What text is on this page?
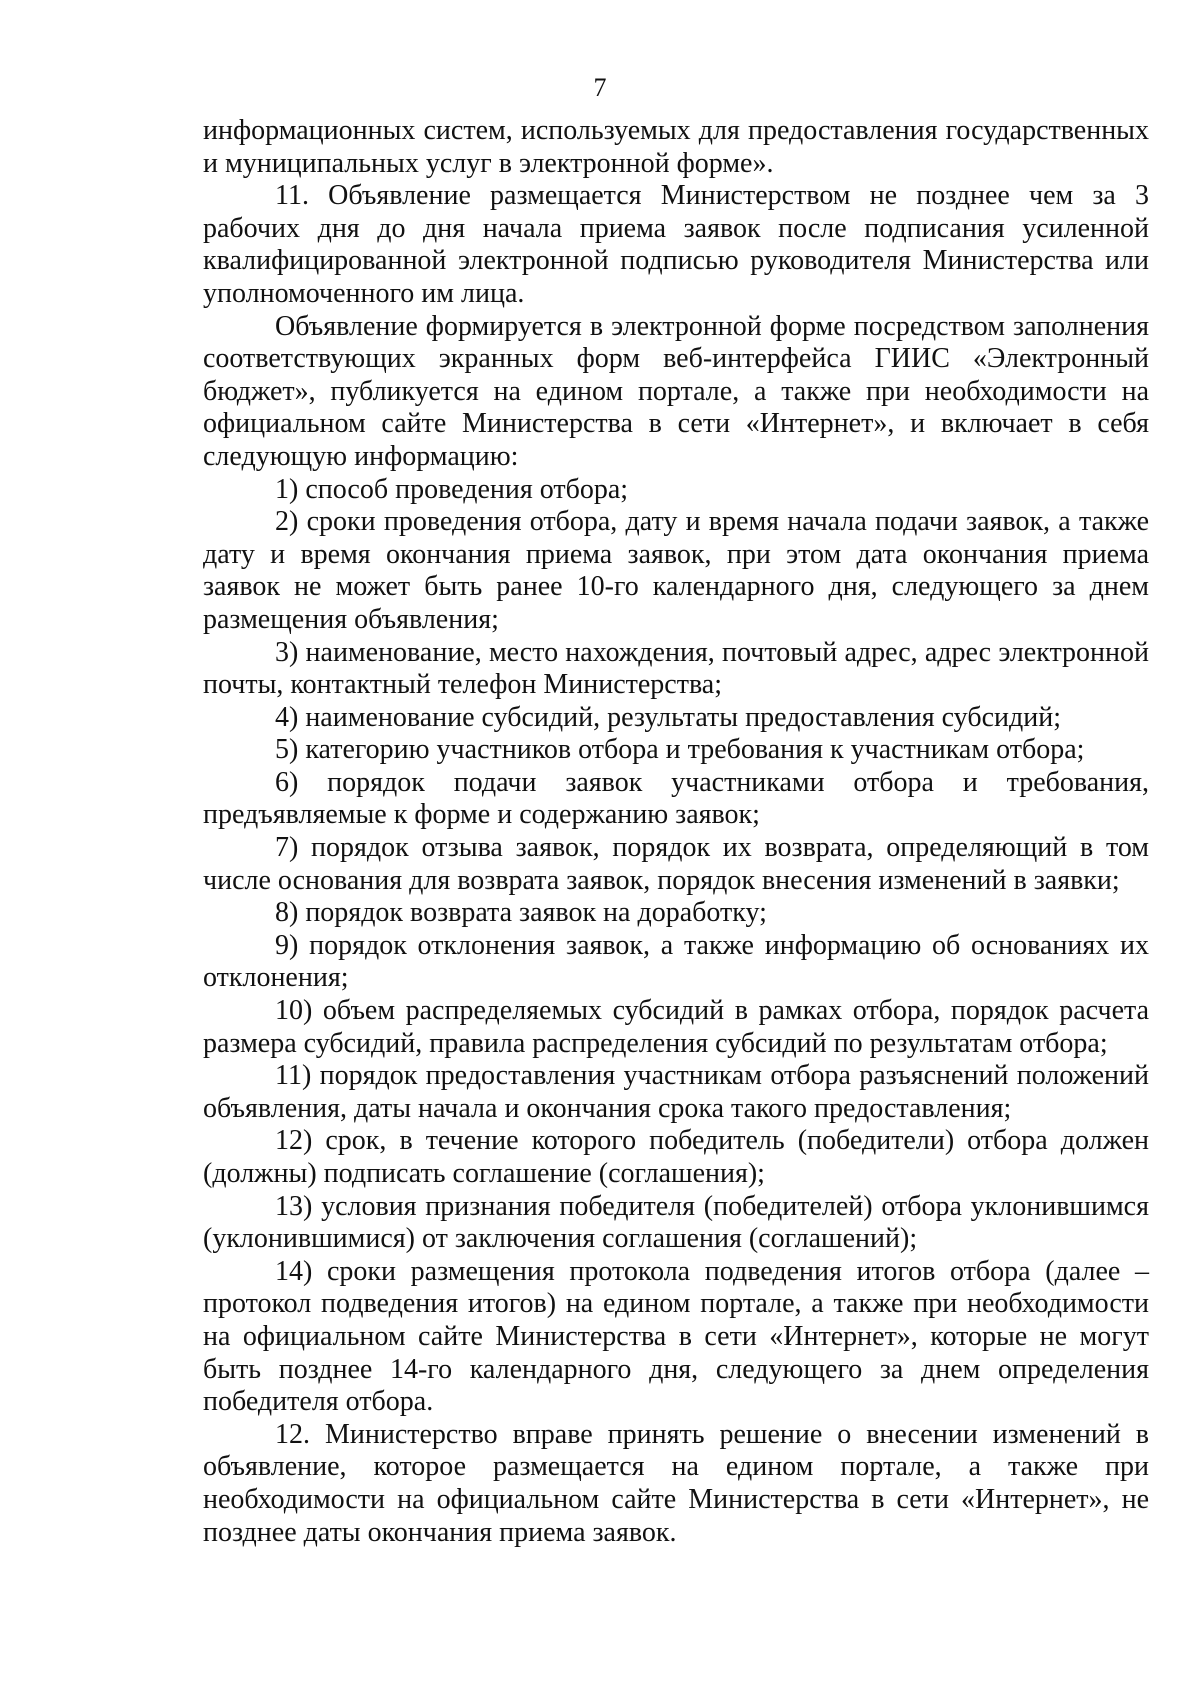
7

информационных систем, используемых для предоставления государственных и муниципальных услуг в электронной форме».

11. Объявление размещается Министерством не позднее чем за 3 рабочих дня до дня начала приема заявок после подписания усиленной квалифицированной электронной подписью руководителя Министерства или уполномоченного им лица.

Объявление формируется в электронной форме посредством заполнения соответствующих экранных форм веб-интерфейса ГИИС «Электронный бюджет», публикуется на едином портале, а также при необходимости на официальном сайте Министерства в сети «Интернет», и включает в себя следующую информацию:

1) способ проведения отбора;

2) сроки проведения отбора, дату и время начала подачи заявок, а также дату и время окончания приема заявок, при этом дата окончания приема заявок не может быть ранее 10-го календарного дня, следующего за днем размещения объявления;

3) наименование, место нахождения, почтовый адрес, адрес электронной почты, контактный телефон Министерства;

4) наименование субсидий, результаты предоставления субсидий;

5) категорию участников отбора и требования к участникам отбора;

6) порядок подачи заявок участниками отбора и требования, предъявляемые к форме и содержанию заявок;

7) порядок отзыва заявок, порядок их возврата, определяющий в том числе основания для возврата заявок, порядок внесения изменений в заявки;

8) порядок возврата заявок на доработку;

9) порядок отклонения заявок, а также информацию об основаниях их отклонения;

10) объем распределяемых субсидий в рамках отбора, порядок расчета размера субсидий, правила распределения субсидий по результатам отбора;

11) порядок предоставления участникам отбора разъяснений положений объявления, даты начала и окончания срока такого предоставления;

12) срок, в течение которого победитель (победители) отбора должен (должны) подписать соглашение (соглашения);

13) условия признания победителя (победителей) отбора уклонившимся (уклонившимися) от заключения соглашения (соглашений);

14) сроки размещения протокола подведения итогов отбора (далее – протокол подведения итогов) на едином портале, а также при необходимости на официальном сайте Министерства в сети «Интернет», которые не могут быть позднее 14-го календарного дня, следующего за днем определения победителя отбора.

12. Министерство вправе принять решение о внесении изменений в объявление, которое размещается на едином портале, а также при необходимости на официальном сайте Министерства в сети «Интернет», не позднее даты окончания приема заявок.
